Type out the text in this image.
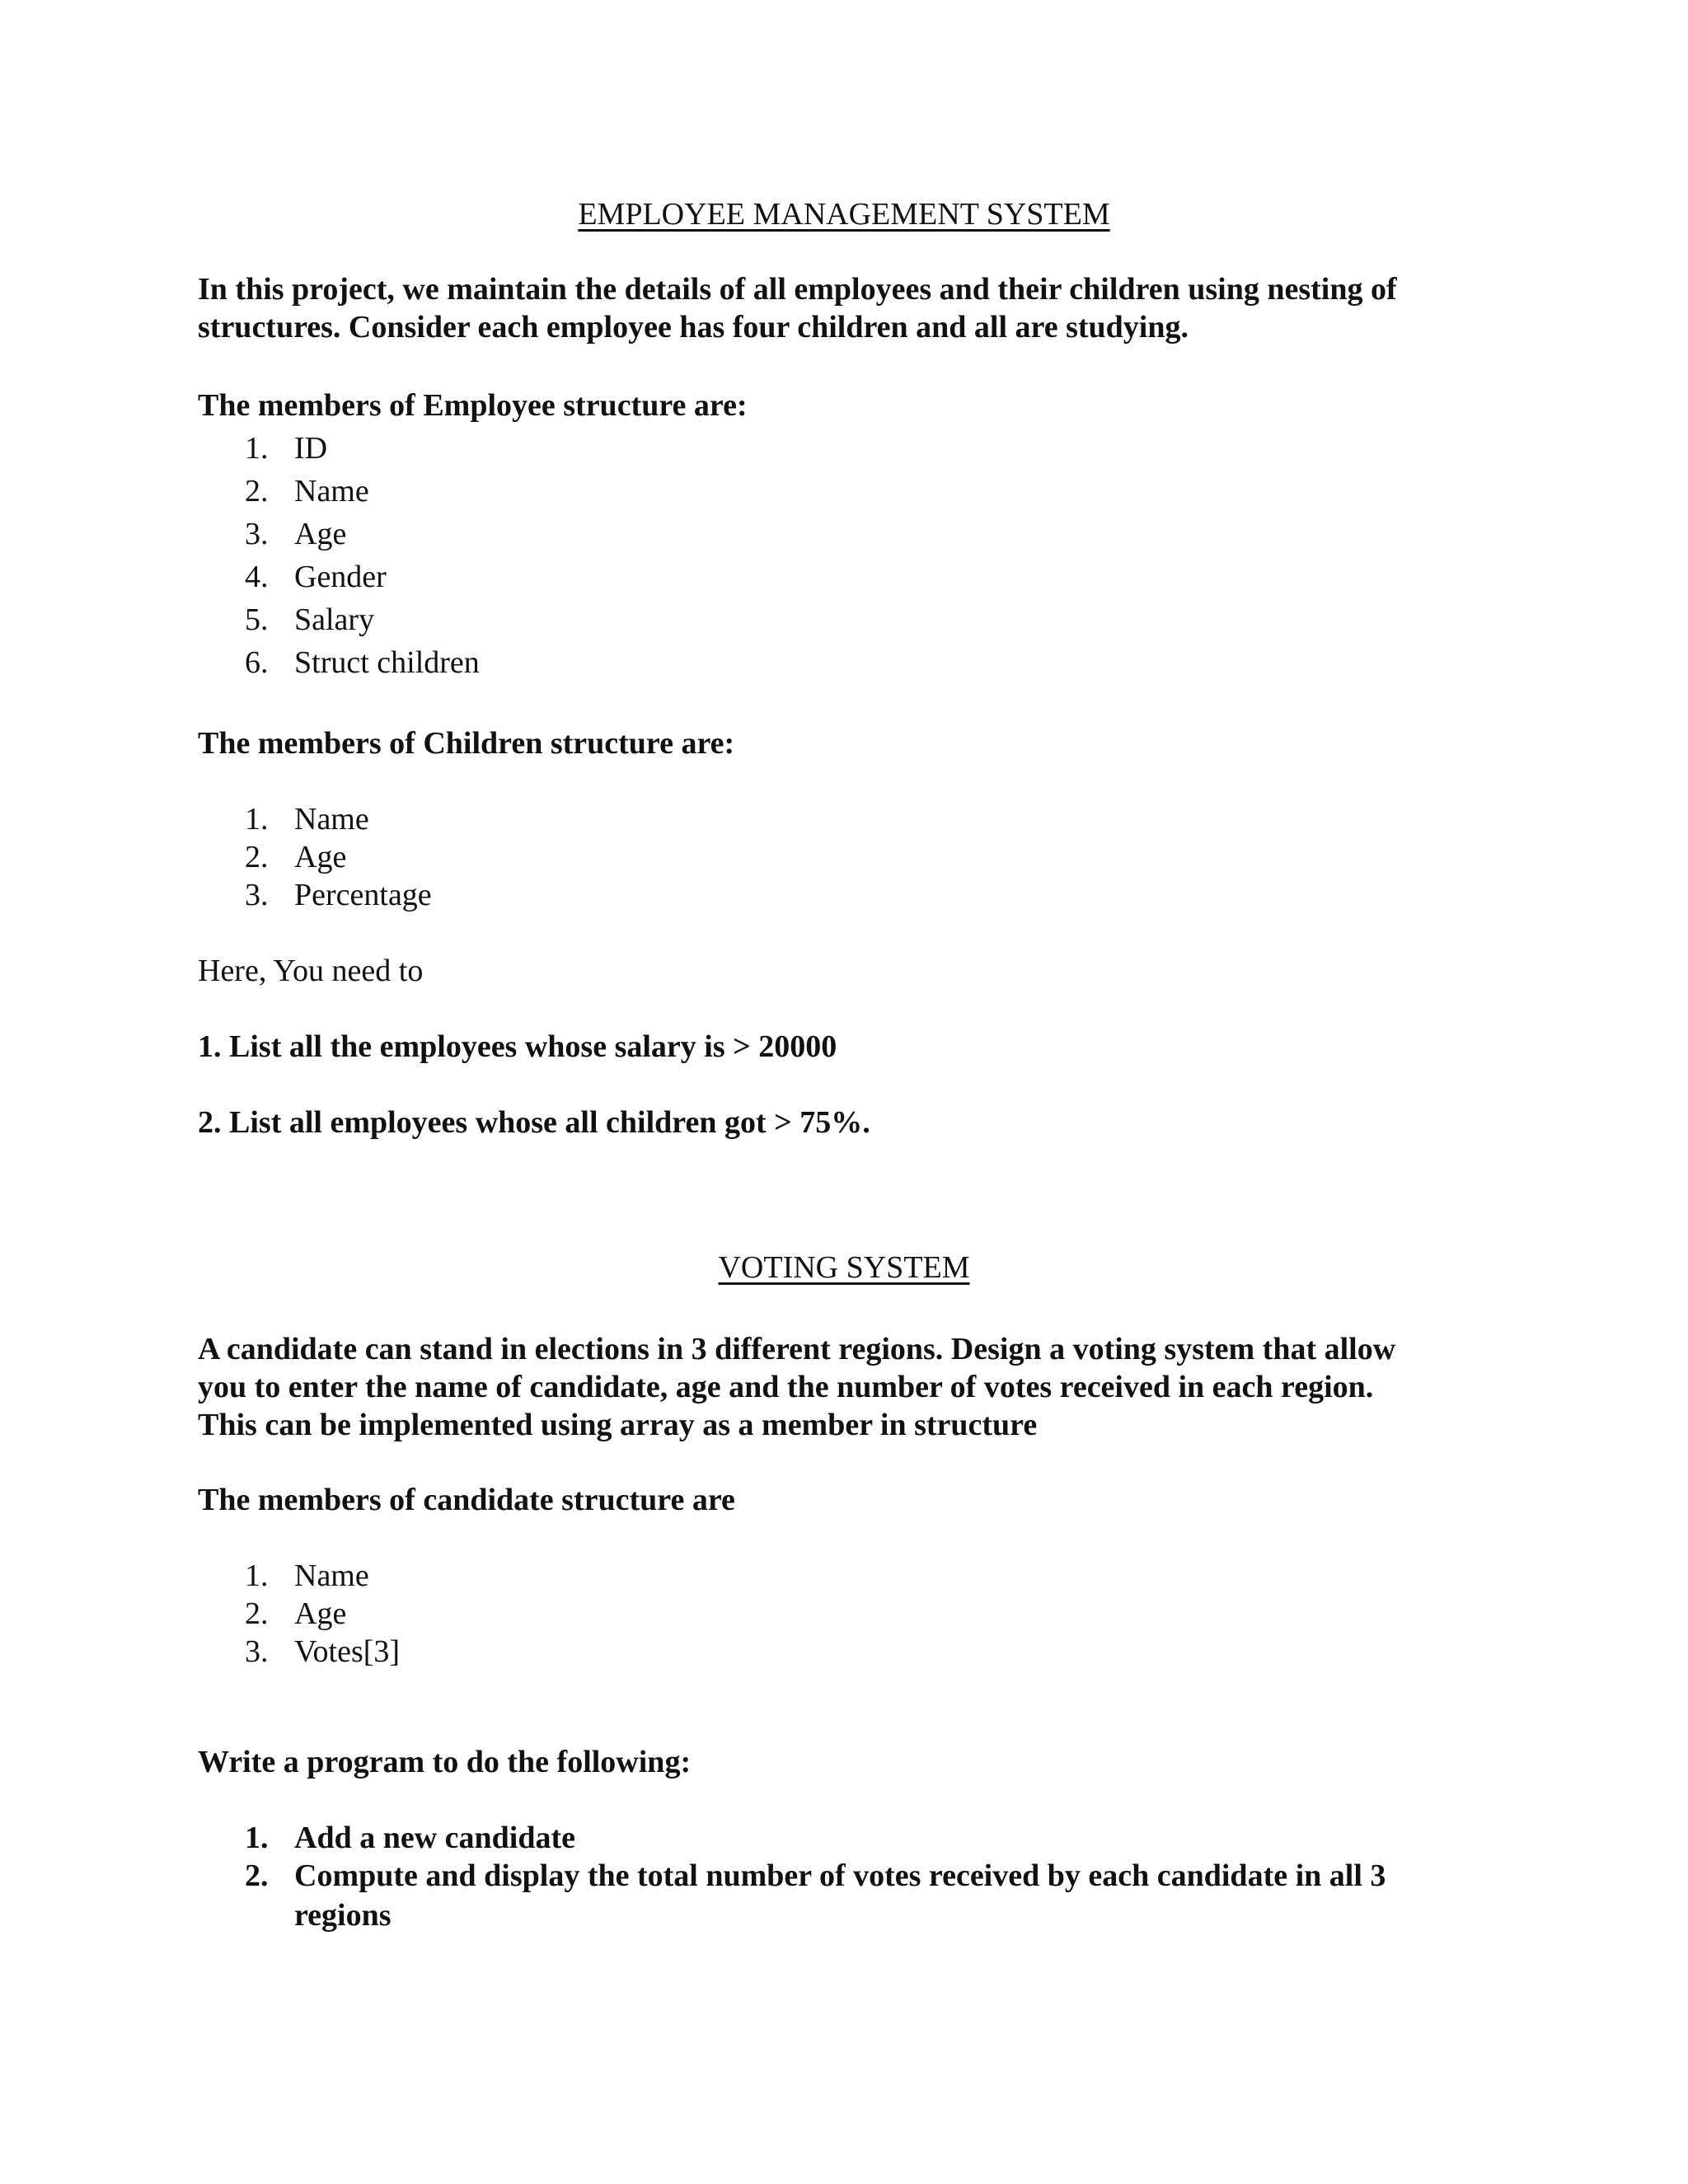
EMPLOYEE MANAGEMENT SYSTEM

In this project, we maintain the details of all employees and their children using nesting of

structures. Consider each employee has four children and all are studying.

The members of Employee structure are:

1. ID
2. Name
3. Age
4. Gender
5. Salary
6. Struct children

The members of Children structure are:

1. Name
2. Age
3. Percentage

Here, You need to

1. List all the employees whose salary is > 20000

2. List all employees whose all children got > 75%.

VOTING SYSTEM

A candidate can stand in elections in 3 different regions. Design a voting system that allow

you to enter the name of candidate, age and the number of votes received in each region.

This can be implemented using array as a member in structure

The members of candidate structure are

1. Name
2. Age
3. Votes[3]

Write a program to do the following:

1. Add a new candidate
2. Compute and display the total number of votes received by each candidate in all 3
regions
